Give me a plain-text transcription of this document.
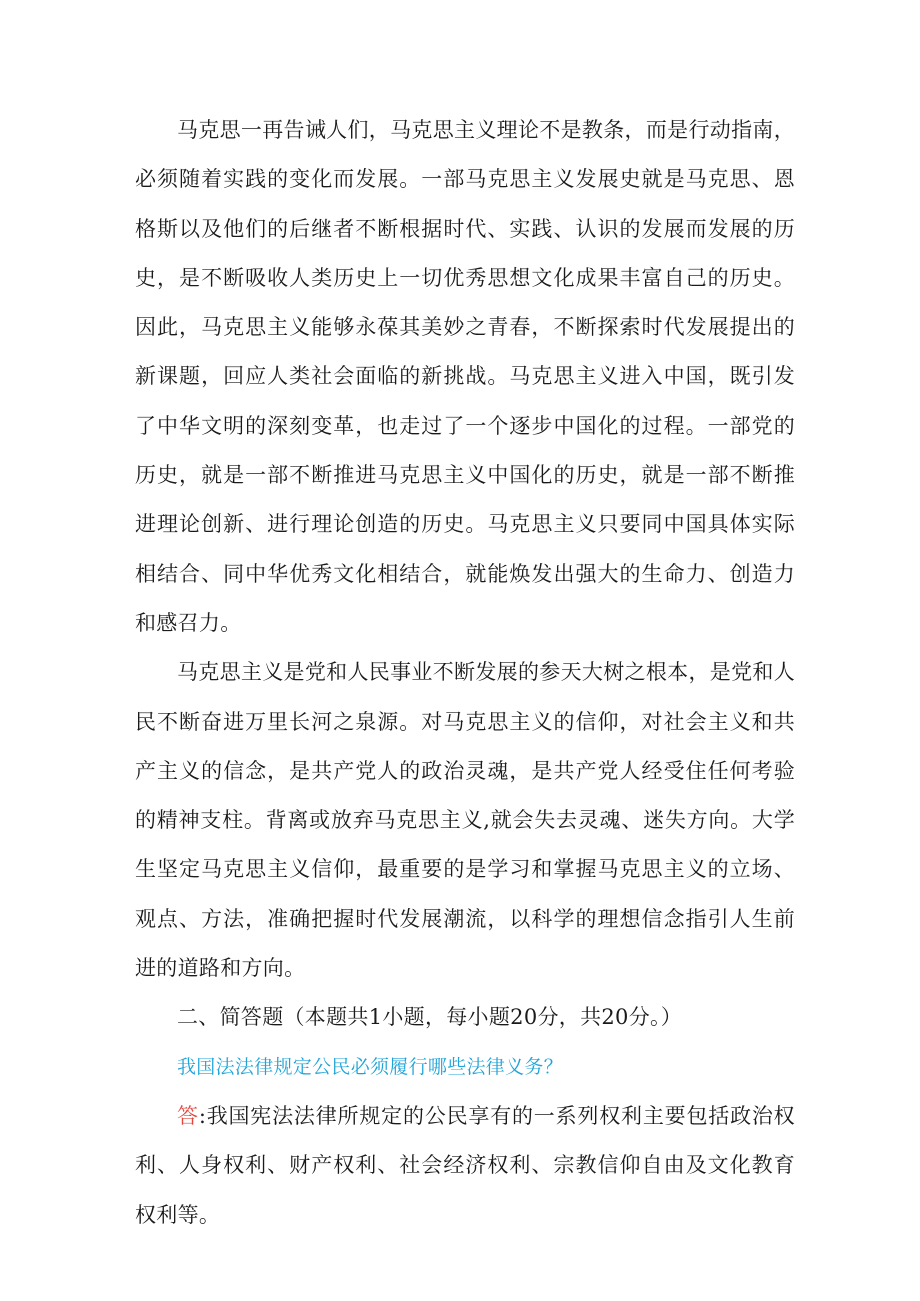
马克思一再告诫人们，马克思主义理论不是教条，而是行动指南，必须随着实践的变化而发展。一部马克思主义发展史就是马克思、恩格斯以及他们的后继者不断根据时代、实践、认识的发展而发展的历史，是不断吸收人类历史上一切优秀思想文化成果丰富自己的历史。因此，马克思主义能够永葆其美妙之青春，不断探索时代发展提出的新课题，回应人类社会面临的新挑战。马克思主义进入中国，既引发了中华文明的深刻变革，也走过了一个逐步中国化的过程。一部党的历史，就是一部不断推进马克思主义中国化的历史，就是一部不断推进理论创新、进行理论创造的历史。马克思主义只要同中国具体实际相结合、同中华优秀文化相结合，就能焕发出强大的生命力、创造力和感召力。

马克思主义是党和人民事业不断发展的参天大树之根本，是党和人民不断奋进万里长河之泉源。对马克思主义的信仰，对社会主义和共产主义的信念，是共产党人的政治灵魂，是共产党人经受住任何考验的精神支柱。背离或放弃马克思主义,就会失去灵魂、迷失方向。大学生坚定马克思主义信仰，最重要的是学习和掌握马克思主义的立场、观点、方法，准确把握时代发展潮流，以科学的理想信念指引人生前进的道路和方向。

二、简答题（本题共1小题，每小题20分，共20分。）

我国法法律规定公民必须履行哪些法律义务？

答:我国宪法法律所规定的公民享有的一系列权利主要包括政治权利、人身权利、财产权利、社会经济权利、宗教信仰自由及文化教育权利等。
